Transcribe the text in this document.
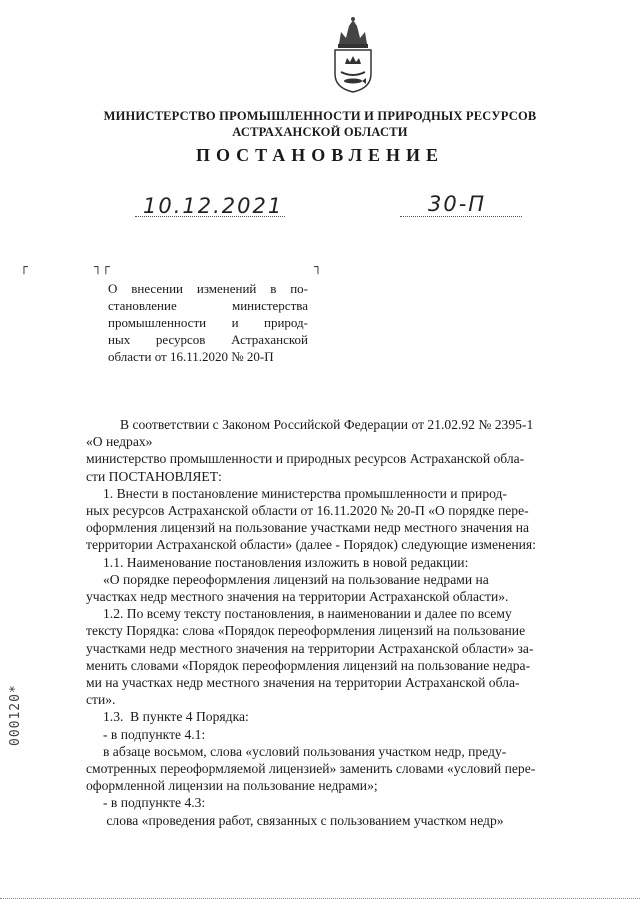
МИНИСТЕРСТВО ПРОМЫШЛЕННОСТИ И ПРИРОДНЫХ РЕСУРСОВ
АСТРАХАНСКОЙ ОБЛАСТИ
ПОСТАНОВЛЕНИЕ
10.12.2021	30-П
┌	┐┌	┐
О внесении изменений в по-
становление министерства
промышленности и природ-
ных ресурсов Астраханской
области от 16.11.2020 № 20-П
В соответствии с Законом Российской Федерации от 21.02.92 № 2395-1
«О недрах»
министерство промышленности и природных ресурсов Астраханской обла-
сти ПОСТАНОВЛЯЕТ:
1. Внести в постановление министерства промышленности и природ-
ных ресурсов Астраханской области от 16.11.2020 № 20-П «О порядке пере-
оформления лицензий на пользование участками недр местного значения на
территории Астраханской области» (далее - Порядок) следующие изменения:
1.1. Наименование постановления изложить в новой редакции:
«О порядке переоформления лицензий на пользование недрами на
участках недр местного значения на территории Астраханской области».
1.2. По всему тексту постановления, в наименовании и далее по всему
тексту Порядка: слова «Порядок переоформления лицензий на пользование
участками недр местного значения на территории Астраханской области» за-
менить словами «Порядок переоформления лицензий на пользование недра-
ми на участках недр местного значения на территории Астраханской обла-
сти».
1.3.  В пункте 4 Порядка:
- в подпункте 4.1:
в абзаце восьмом, слова «условий пользования участком недр, преду-
смотренных переоформляемой лицензией» заменить словами «условий пере-
оформленной лицензии на пользование недрами»;
- в подпункте 4.3:
слова «проведения работ, связанных с пользованием участком недр»
000120*
